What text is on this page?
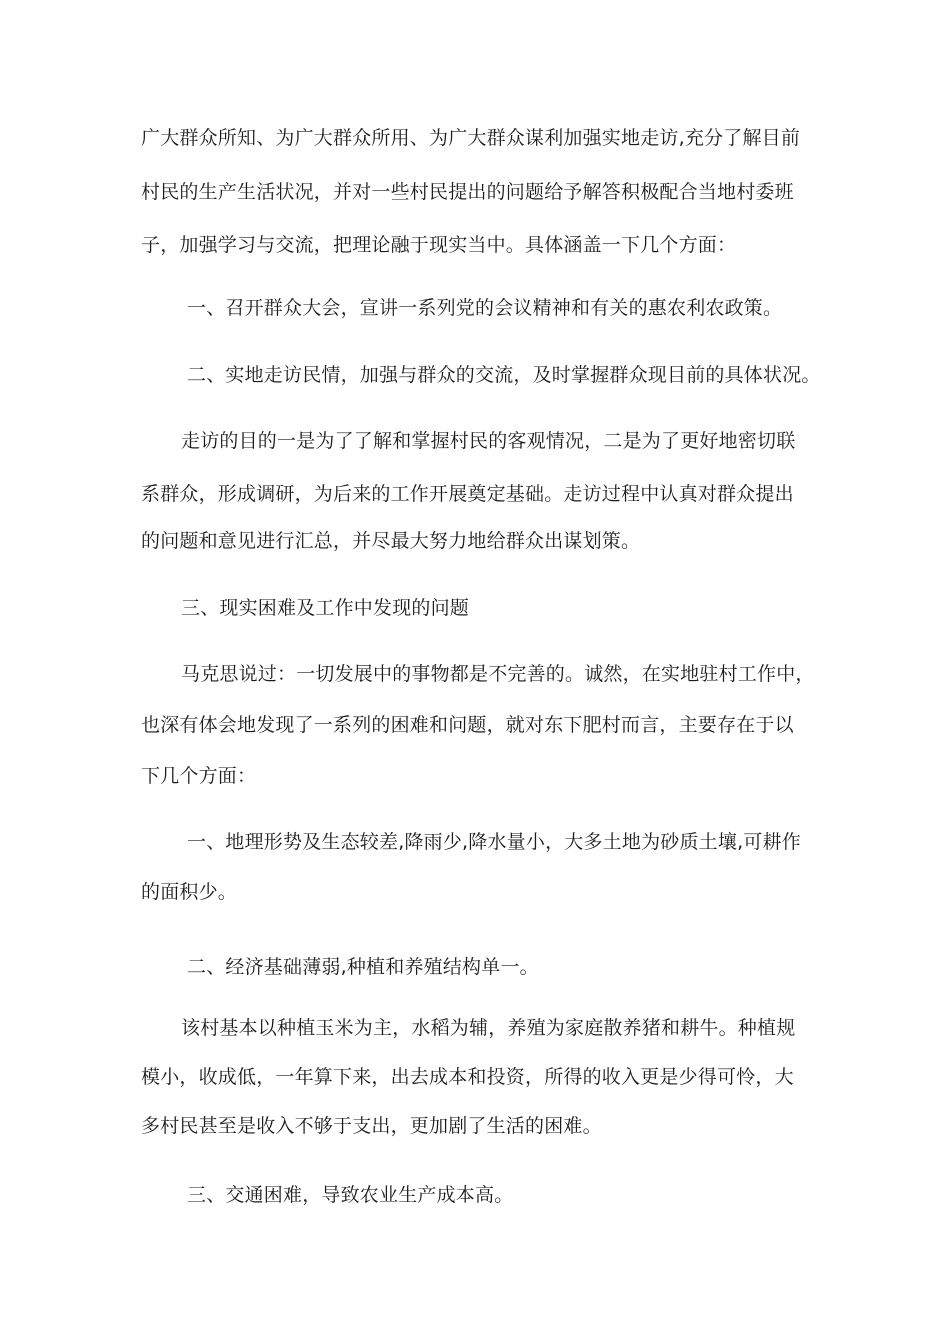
广大群众所知、为广大群众所用、为广大群众谋利加强实地走访,充分了解目前
村民的生产生活状况，并对一些村民提出的问题给予解答积极配合当地村委班
子，加强学习与交流，把理论融于现实当中。具体涵盖一下几个方面：
一、召开群众大会，宣讲一系列党的会议精神和有关的惠农利农政策。
二、实地走访民情，加强与群众的交流，及时掌握群众现目前的具体状况。
走访的目的一是为了了解和掌握村民的客观情况，二是为了更好地密切联
系群众，形成调研，为后来的工作开展奠定基础。走访过程中认真对群众提出
的问题和意见进行汇总，并尽最大努力地给群众出谋划策。
三、现实困难及工作中发现的问题
马克思说过：一切发展中的事物都是不完善的。诚然，在实地驻村工作中，
也深有体会地发现了一系列的困难和问题，就对东下肥村而言，主要存在于以
下几个方面：
一、地理形势及生态较差,降雨少,降水量小，大多土地为砂质土壤,可耕作
的面积少。
二、经济基础薄弱,种植和养殖结构单一。
该村基本以种植玉米为主，水稻为辅，养殖为家庭散养猪和耕牛。种植规
模小，收成低，一年算下来，出去成本和投资，所得的收入更是少得可怜，大
多村民甚至是收入不够于支出，更加剧了生活的困难。
三、交通困难，导致农业生产成本高。
